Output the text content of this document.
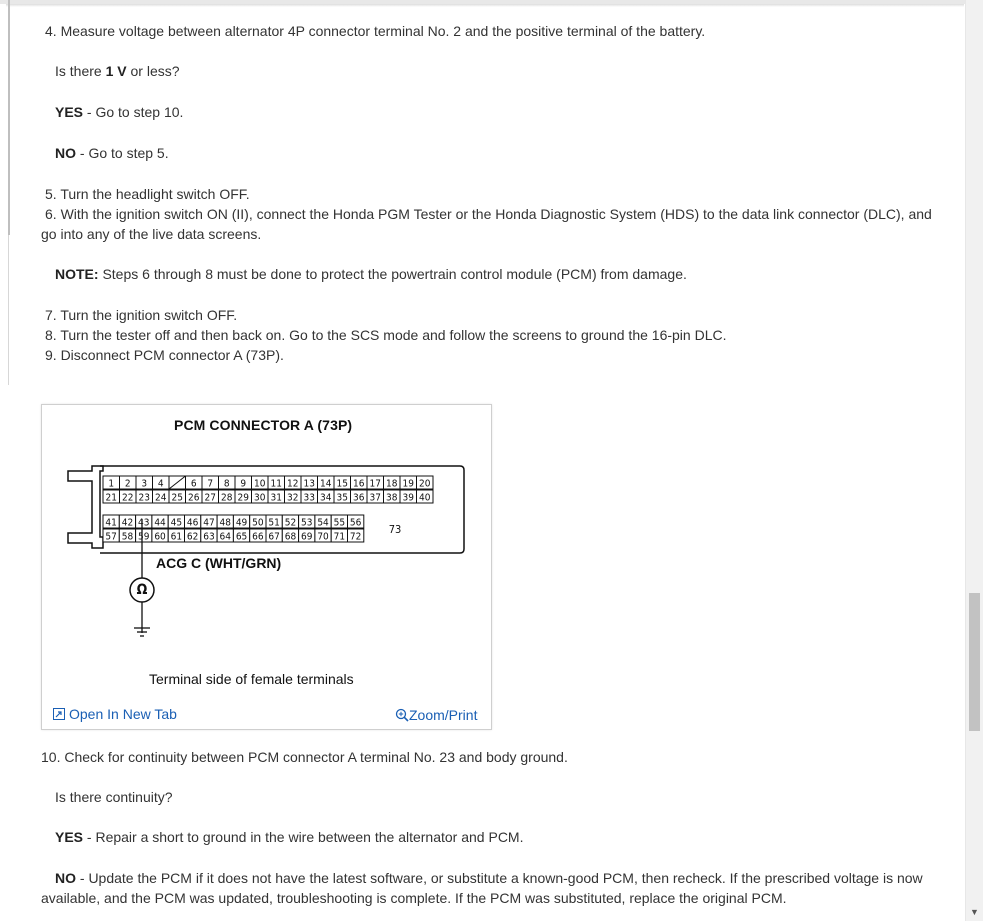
4. Measure voltage between alternator 4P connector terminal No. 2 and the positive terminal of the battery.
Is there 1 V or less?
YES - Go to step 10.
NO - Go to step 5.
5. Turn the headlight switch OFF.
6. With the ignition switch ON (II), connect the Honda PGM Tester or the Honda Diagnostic System (HDS) to the data link connector (DLC), and
go into any of the live data screens.
NOTE: Steps 6 through 8 must be done to protect the powertrain control module (PCM) from damage.
7. Turn the ignition switch OFF.
8. Turn the tester off and then back on. Go to the SCS mode and follow the screens to ground the 16-pin DLC.
9. Disconnect PCM connector A (73P).
10. Check for continuity between PCM connector A terminal No. 23 and body ground.
Is there continuity?
YES - Repair a short to ground in the wire between the alternator and PCM.
NO - Update the PCM if it does not have the latest software, or substitute a known-good PCM, then recheck. If the prescribed voltage is now
available, and the PCM was updated, troubleshooting is complete. If the PCM was substituted, replace the original PCM.
PCM CONNECTOR A (73P)
1 2 3 4	6 7 8 9 10 11 12 13 14 15 16 17 18 19 20
21 22 23 24 25 26 27 28 29 30 31 32 33 34 35 36 37 38 39 40
41 42 43 44 45 46 47 48 49 50 51 52 53 54 55 56
57 58 59 60 61 62 63 64 65 66 67 68 69 70 71 72
73
Ω
ACG C (WHT/GRN)
Terminal side of female terminals
Open In New Tab	Zoom/Print
▼
